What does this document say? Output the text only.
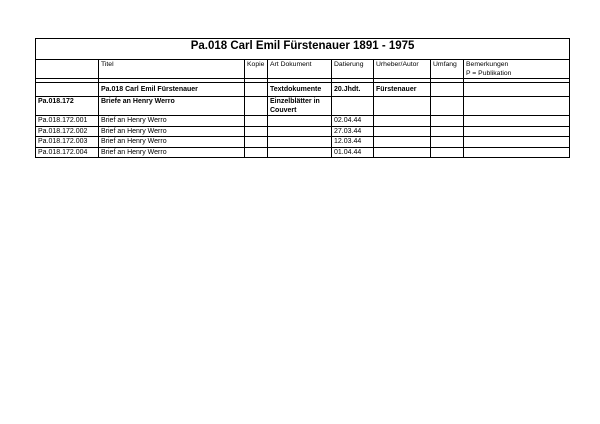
Pa.018 Carl Emil Fürstenauer 1891 - 1975							
	Titel	Kopie	Art Dokument	Datierung	Urheber/Autor	Umfang	Bemerkungen
P = Publikation

	Pa.018 Carl Emil Fürstenauer		Textdokumente	20.Jhdt.	Fürstenauer		
Pa.018.172	Briefe an Henry Werro		Einzelblätter in
Couvert				

Pa.018.172.001	Brief an Henry Werro			02.04.44			
Pa.018.172.002	Brief an Henry Werro			27.03.44			
Pa.018.172.003	Brief an Henry Werro			12.03.44			
Pa.018.172.004	Brief an Henry Werro			01.04.44			
